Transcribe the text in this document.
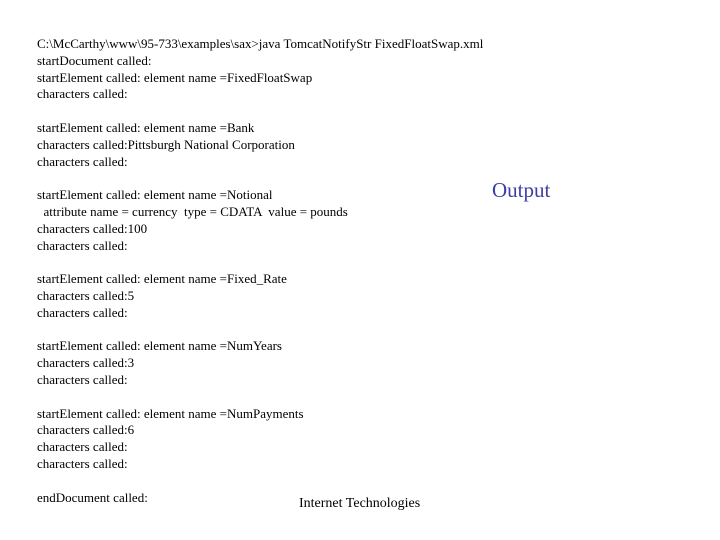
C:\McCarthy\www\95-733\examples\sax>java TomcatNotifyStr FixedFloatSwap.xml
startDocument called:
startElement called: element name =FixedFloatSwap
characters called:
startElement called: element name =Bank
characters called:Pittsburgh National Corporation
characters called:
startElement called: element name =Notional
attribute name = currency  type = CDATA  value = pounds
characters called:100
characters called:
startElement called: element name =Fixed_Rate
characters called:5
characters called:
startElement called: element name =NumYears
characters called:3
characters called:
startElement called: element name =NumPayments
characters called:6
characters called:
characters called:
endDocument called:
Output
Internet Technologies
